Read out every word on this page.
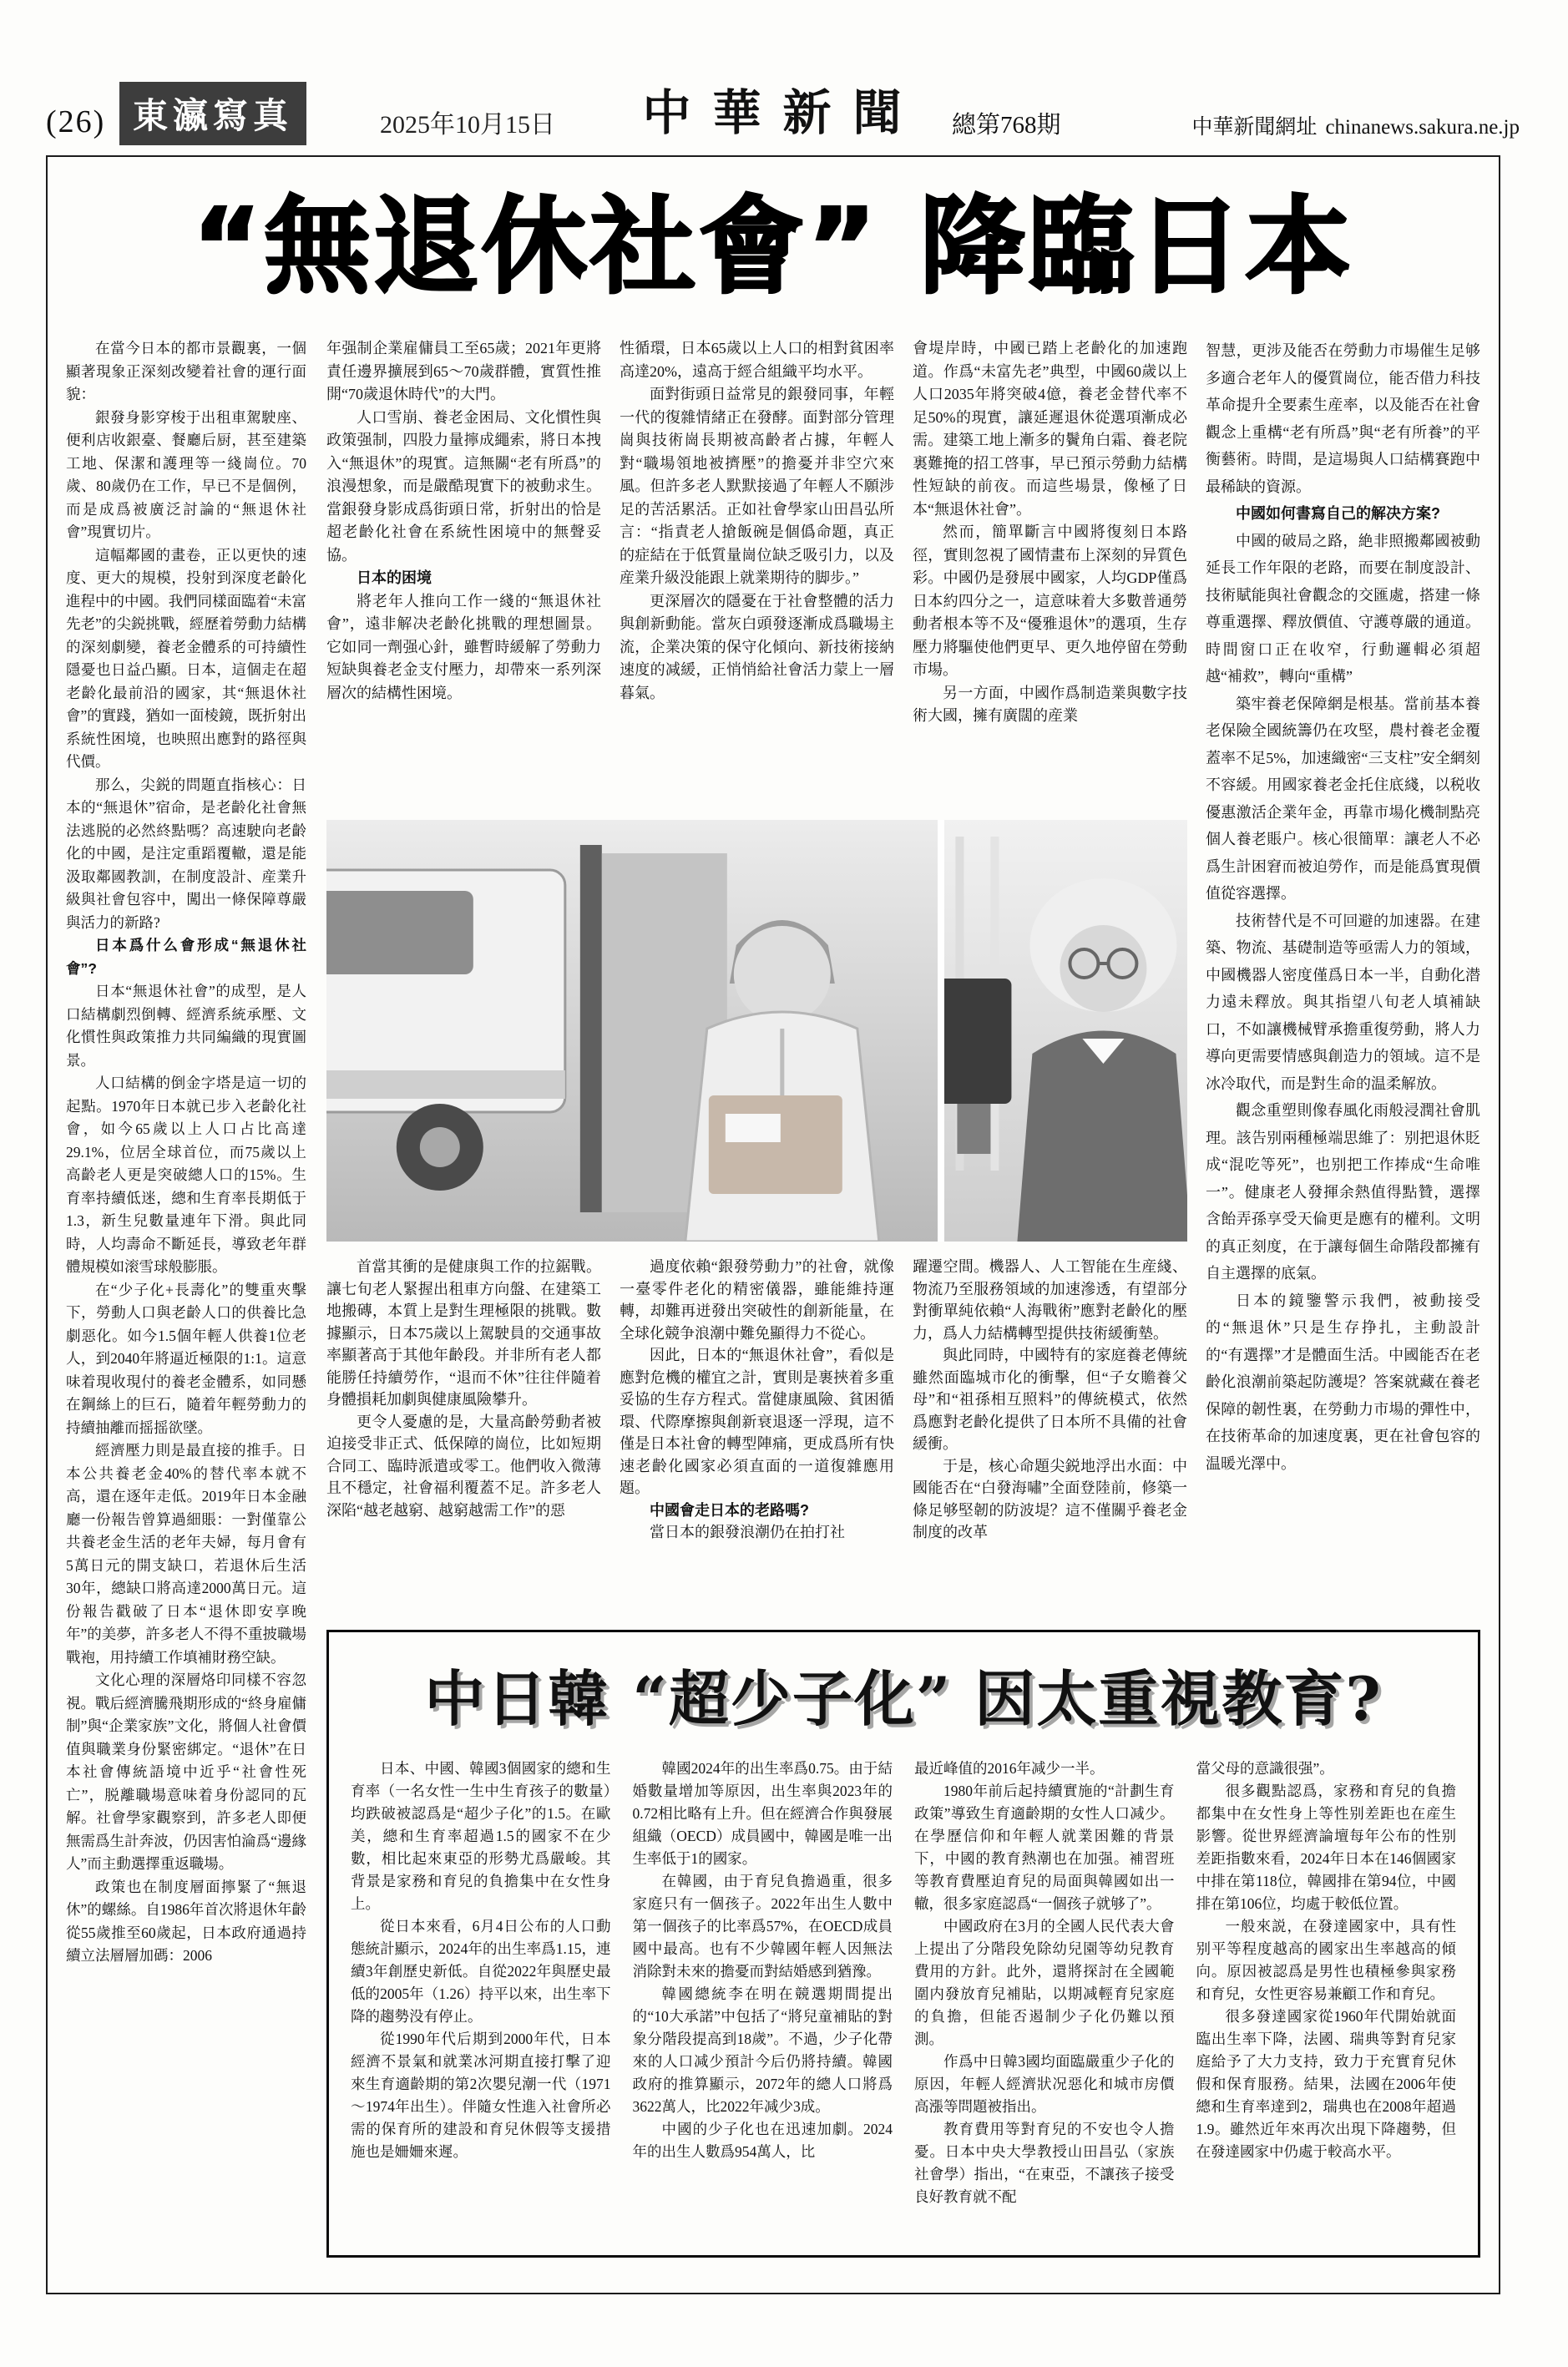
(26) 東瀛寫真	2025年10月15日 中華新聞 總第768期	中華新聞網址 chinanews.sakura.ne.jp
“無退休社會” 降臨日本

在當今日本的都市景觀裏，一個顯著現象正深刻改變着社會的運行面貌：

銀發身影穿梭于出租車駕駛座、便利店收銀臺、餐廳后厨，甚至建築工地、保潔和護理等一綫崗位。70歲、80歲仍在工作，早已不是個例，而是成爲被廣泛討論的“無退休社會”現實切片。

這幅鄰國的畫卷，正以更快的速度、更大的規模，投射到深度老齡化進程中的中國。我們同樣面臨着“未富先老”的尖鋭挑戰，經歷着勞動力結構的深刻劇變，養老金體系的可持續性隱憂也日益凸顯。日本，這個走在超老齡化最前沿的國家，其“無退休社會”的實踐，猶如一面棱鏡，既折射出系統性困境，也映照出應對的路徑與代價。

那么，尖鋭的問題直指核心：日本的“無退休”宿命，是老齡化社會無法逃脱的必然終點嗎？高速駛向老齡化的中國，是注定重蹈覆轍，還是能汲取鄰國教訓，在制度設計、産業升級與社會包容中，闖出一條保障尊嚴與活力的新路?

日本爲什么會形成“無退休社會”?

日本“無退休社會”的成型，是人口結構劇烈倒轉、經濟系統承壓、文化慣性與政策推力共同編織的現實圖景。

人口結構的倒金字塔是這一切的起點。1970年日本就已步入老齡化社會，如今65歲以上人口占比高達29.1%，位居全球首位，而75歲以上高齡老人更是突破總人口的15%。生育率持續低迷，總和生育率長期低于1.3，新生兒數量連年下滑。與此同時，人均壽命不斷延長，導致老年群體規模如滚雪球般膨脹。

在“少子化+長壽化”的雙重夾擊下，勞動人口與老齡人口的供養比急劇惡化。如今1.5個年輕人供養1位老人，到2040年將逼近極限的1:1。這意味着現收現付的養老金體系，如同懸在鋼絲上的巨石，隨着年輕勞動力的持續抽離而摇摇欲墜。

經濟壓力則是最直接的推手。日本公共養老金40%的替代率本就不高，還在逐年走低。2019年日本金融廳一份報告曾算過細賬：一對僅靠公共養老金生活的老年夫婦，每月會有5萬日元的開支缺口，若退休后生活30年，總缺口將高達2000萬日元。這份報告戳破了日本“退休即安享晚年”的美夢，許多老人不得不重披職場戰袍，用持續工作填補財務空缺。

文化心理的深層烙印同樣不容忽視。戰后經濟騰飛期形成的“終身雇傭制”與“企業家族”文化，將個人社會價值與職業身份緊密綁定。“退休”在日本社會傳統語境中近乎“社會性死亡”，脱離職場意味着身份認同的瓦解。社會學家觀察到，許多老人即便無需爲生計奔波，仍因害怕淪爲“邊緣人”而主動選擇重返職場。

政策也在制度層面擰緊了“無退休”的螺絲。自1986年首次將退休年齡從55歲推至60歲起，日本政府通過持續立法層層加碼：2006

年强制企業雇傭員工至65歲；2021年更將責任邊界擴展到65～70歲群體，實質性推開“70歲退休時代”的大門。

人口雪崩、養老金困局、文化慣性與政策强制，四股力量擰成繩索，將日本拽入“無退休”的現實。這無關“老有所爲”的浪漫想象，而是嚴酷現實下的被動求生。當銀發身影成爲街頭日常，折射出的恰是超老齡化社會在系統性困境中的無聲妥協。

日本的困境

將老年人推向工作一綫的“無退休社會”，遠非解决老齡化挑戰的理想圖景。它如同一劑强心針，雖暫時緩解了勞動力短缺與養老金支付壓力，却帶來一系列深層次的結構性困境。

首當其衝的是健康與工作的拉鋸戰。讓七旬老人緊握出租車方向盤、在建築工地搬磚，本質上是對生理極限的挑戰。數據顯示，日本75歲以上駕駛員的交通事故率顯著高于其他年齡段。并非所有老人都能勝任持續勞作，“退而不休”往往伴隨着身體損耗加劇與健康風險攀升。

更令人憂慮的是，大量高齡勞動者被迫接受非正式、低保障的崗位，比如短期合同工、臨時派遣或零工。他們收入微薄且不穩定，社會福利覆蓋不足。許多老人深陷“越老越窮、越窮越需工作”的惡

性循環，日本65歲以上人口的相對貧困率高達20%，遠高于經合組織平均水平。

面對街頭日益常見的銀發同事，年輕一代的復雜情緒正在發酵。面對部分管理崗與技術崗長期被高齡者占據，年輕人對“職場領地被擠壓”的擔憂并非空穴來風。但許多老人默默接過了年輕人不願涉足的苦活累活。正如社會學家山田昌弘所言：“指責老人搶飯碗是個僞命題，真正的症結在于低質量崗位缺乏吸引力，以及産業升級没能跟上就業期待的脚步。”

更深層次的隱憂在于社會整體的活力與創新動能。當灰白頭發逐漸成爲職場主流，企業决策的保守化傾向、新技術接納速度的减緩，正悄悄給社會活力蒙上一層暮氣。

過度依賴“銀發勞動力”的社會，就像一臺零件老化的精密儀器，雖能維持運轉，却難再迸發出突破性的創新能量，在全球化競争浪潮中難免顯得力不從心。

因此，日本的“無退休社會”，看似是應對危機的權宜之計，實則是裹挾着多重妥協的生存方程式。當健康風險、貧困循環、代際摩擦與創新衰退逐一浮現，這不僅是日本社會的轉型陣痛，更成爲所有快速老齡化國家必須直面的一道復雜應用題。

中國會走日本的老路嗎?

當日本的銀發浪潮仍在拍打社

會堤岸時，中國已踏上老齡化的加速跑道。作爲“未富先老”典型，中國60歲以上人口2035年將突破4億，養老金替代率不足50%的現實，讓延遲退休從選項漸成必需。建築工地上漸多的鬢角白霜、養老院裏難掩的招工啓事，早已預示勞動力結構性短缺的前夜。而這些場景，像極了日本“無退休社會”。

然而，簡單斷言中國將復刻日本路徑，實則忽視了國情畫布上深刻的异質色彩。中國仍是發展中國家，人均GDP僅爲日本約四分之一，這意味着大多數普通勞動者根本等不及“優雅退休”的選項，生存壓力將驅使他們更早、更久地停留在勞動市場。

另一方面，中國作爲制造業與數字技術大國，擁有廣闊的産業

躍遷空間。機器人、人工智能在生産綫、物流乃至服務領域的加速滲透，有望部分對衝單純依賴“人海戰術”應對老齡化的壓力，爲人力結構轉型提供技術緩衝墊。

與此同時，中國特有的家庭養老傳統雖然面臨城市化的衝擊，但“子女贍養父母”和“祖孫相互照料”的傳統模式，依然爲應對老齡化提供了日本所不具備的社會緩衝。

于是，核心命題尖鋭地浮出水面：中國能否在“白發海嘯”全面登陸前，修築一條足够堅韌的防波堤？這不僅關乎養老金制度的改革

智慧，更涉及能否在勞動力市場催生足够多適合老年人的優質崗位，能否借力科技革命提升全要素生産率，以及能否在社會觀念上重構“老有所爲”與“老有所養”的平衡藝術。時間，是這場與人口結構賽跑中最稀缺的資源。

中國如何書寫自己的解决方案?

中國的破局之路，絶非照搬鄰國被動延長工作年限的老路，而要在制度設計、技術賦能與社會觀念的交匯處，搭建一條尊重選擇、釋放價值、守護尊嚴的通道。時間窗口正在收窄，行動邏輯必須超越“補救”，轉向“重構”

築牢養老保障網是根基。當前基本養老保險全國統籌仍在攻堅，農村養老金覆蓋率不足5%，加速織密“三支柱”安全網刻不容緩。用國家養老金托住底綫，以税收優惠激活企業年金，再靠市場化機制點亮個人養老賬户。核心很簡單：讓老人不必爲生計困窘而被迫勞作，而是能爲實現價值從容選擇。

技術替代是不可回避的加速器。在建築、物流、基礎制造等亟需人力的領域，中國機器人密度僅爲日本一半，自動化潜力遠未釋放。與其指望八旬老人填補缺口，不如讓機械臂承擔重復勞動，將人力導向更需要情感與創造力的領域。這不是冰冷取代，而是對生命的温柔解放。

觀念重塑則像春風化雨般浸潤社會肌理。該告别兩種極端思維了：别把退休貶成“混吃等死”，也别把工作捧成“生命唯一”。健康老人發揮余熱值得點贊，選擇含飴弄孫享受天倫更是應有的權利。文明的真正刻度，在于讓每個生命階段都擁有自主選擇的底氣。

日本的鏡鑒警示我們，被動接受的“無退休”只是生存挣扎，主動設計的“有選擇”才是體面生活。中國能否在老齡化浪潮前築起防護堤？答案就藏在養老保障的韌性裏，在勞動力市場的彈性中，在技術革命的加速度裏，更在社會包容的温暖光澤中。

中日韓 “超少子化” 因太重視教育?

日本、中國、韓國3個國家的總和生育率（一名女性一生中生育孩子的數量）均跌破被認爲是“超少子化”的1.5。在歐美，總和生育率超過1.5的國家不在少數，相比起來東亞的形勢尤爲嚴峻。其背景是家務和育兒的負擔集中在女性身上。

從日本來看，6月4日公布的人口動態統計顯示，2024年的出生率爲1.15，連續3年創歷史新低。自從2022年與歷史最低的2005年（1.26）持平以來，出生率下降的趨勢没有停止。

從1990年代后期到2000年代，日本經濟不景氣和就業冰河期直接打擊了迎來生育適齡期的第2次嬰兒潮一代（1971～1974年出生）。伴隨女性進入社會所必需的保育所的建設和育兒休假等支援措施也是姍姍來遲。

韓國2024年的出生率爲0.75。由于結婚數量增加等原因，出生率與2023年的0.72相比略有上升。但在經濟合作與發展組織（OECD）成員國中，韓國是唯一出生率低于1的國家。

在韓國，由于育兒負擔過重，很多家庭只有一個孩子。2022年出生人數中第一個孩子的比率爲57%，在OECD成員國中最高。也有不少韓國年輕人因無法消除對未來的擔憂而對結婚感到猶豫。

韓國總統李在明在競選期間提出的“10大承諾”中包括了“將兒童補貼的對象分階段提高到18歲”。不過，少子化帶來的人口减少預計今后仍將持續。韓國政府的推算顯示，2072年的總人口將爲3622萬人，比2022年减少3成。

中國的少子化也在迅速加劇。2024年的出生人數爲954萬人，比

最近峰值的2016年减少一半。

1980年前后起持續實施的“計劃生育政策”導致生育適齡期的女性人口减少。在學歷信仰和年輕人就業困難的背景下，中國的教育熱潮也在加强。補習班等教育費壓迫育兒的局面與韓國如出一轍，很多家庭認爲“一個孩子就够了”。

中國政府在3月的全國人民代表大會上提出了分階段免除幼兒園等幼兒教育費用的方針。此外，還將探討在全國範圍内發放育兒補貼，以期减輕育兒家庭的負擔，但能否遏制少子化仍難以預測。

作爲中日韓3國均面臨嚴重少子化的原因，年輕人經濟狀况惡化和城市房價高漲等問題被指出。

教育費用等對育兒的不安也令人擔憂。日本中央大學教授山田昌弘（家族社會學）指出，“在東亞，不讓孩子接受良好教育就不配

當父母的意識很强”。

很多觀點認爲，家務和育兒的負擔都集中在女性身上等性别差距也在産生影響。從世界經濟論壇每年公布的性别差距指數來看，2024年日本在146個國家中排在第118位，韓國排在第94位，中國排在第106位，均處于較低位置。

一般來説，在發達國家中，具有性别平等程度越高的國家出生率越高的傾向。原因被認爲是男性也積極參與家務和育兒，女性更容易兼顧工作和育兒。

很多發達國家從1960年代開始就面臨出生率下降，法國、瑞典等對育兒家庭給予了大力支持，致力于充實育兒休假和保育服務。結果，法國在2006年使總和生育率達到2，瑞典也在2008年超過1.9。雖然近年來再次出現下降趨勢，但在發達國家中仍處于較高水平。
